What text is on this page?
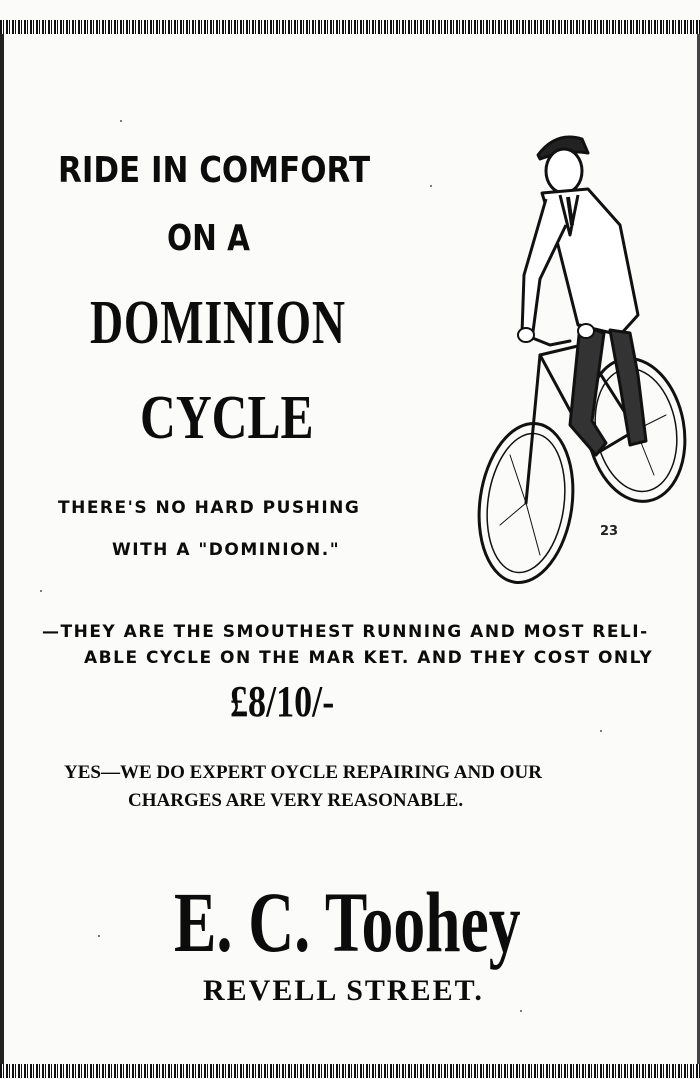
RIDE IN COMFORT
ON A
DOMINION
CYCLE
THERE'S NO HARD PUSHING
WITH A "DOMINION."
23
—THEY ARE THE SMOUTHEST RUNNING AND MOST RELI-
ABLE CYCLE ON THE MAR KET. AND THEY COST ONLY
£8/10/-
YES—WE DO EXPERT OYCLE REPAIRING AND OUR
CHARGES ARE VERY REASONABLE.
E. C. Toohey
REVELL STREET.
